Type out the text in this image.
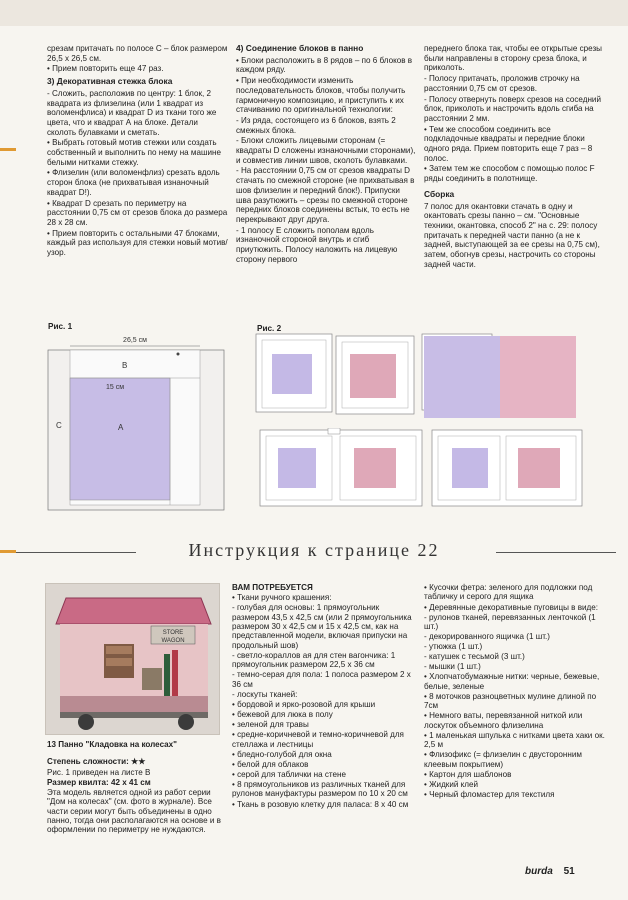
срезам притачать по полосе С – блок размером 26,5 х 26,5 см.

• Прием повторить еще 47 раз.

3) Декоративная стежка блока

- Сложить, расположив по центру: 1 блок, 2 квадрата из флизелина (или 1 квадрат из воломенфлиса) и квадрат D из ткани того же цвета, что и квадрат А на блоке. Детали сколоть булавками и сметать.

• Выбрать готовый мотив стежки или создать собственный и выполнить по нему на машине белыми нитками стежку.

• Флизелин (или воломенфлиз) срезать вдоль сторон блока (не прихватывая изнаночный квадрат D!).

• Квадрат D срезать по периметру на расстоянии 0,75 см от срезов блока до размера 28 х 28 см.

• Прием повторить с остальными 47 блоками, каждый раз используя для стежки новый мотив/узор.

4) Соединение блоков в панно

• Блоки расположить в 8 рядов – по 6 блоков в каждом ряду.

• При необходимости изменить последовательность блоков, чтобы получить гармоничную композицию, и приступить к их стачиванию по оригинальной технологии:

- Из ряда, состоящего из 6 блоков, взять 2 смежных блока.

- Блоки сложить лицевыми сторонам (= квадраты D сложены изнаночными сторонами), и совместив линии швов, сколоть булавками.

- На расстоянии 0,75 см от срезов квадраты D стачать по смежной стороне (не прихватывая в шов флизелин и передний блок!). Припуски шва разутюжить – срезы по смежной стороне передних блоков соединены встык, то есть не перекрывают друг друга.

- 1 полосу Е сложить пополам вдоль изнаночной стороной внутрь и сгиб приутюжить. Полосу наложить на лицевую сторону первого

переднего блока так, чтобы ее открытые срезы были направлены в сторону среза блока, и приколоть.

- Полосу притачать, проложив строчку на расстоянии 0,75 см от срезов.

- Полосу отвернуть поверх срезов на соседний блок, приколоть и настрочить вдоль сгиба на расстоянии 2 мм.

• Тем же способом соединить все подкладочные квадраты и передние блоки одного ряда. Прием повторить еще 7 раз – 8 полос.

• Затем тем же способом с помощью полос F ряды соединить в полотнище.

Сборка

7 полос для окантовки стачать в одну и окантовать срезы панно – см. "Основные техники, окантовка, способ 2" на с. 29: полосу притачать к передней части панно (а не к задней, выступающей за ее срезы на 0,75 см), затем, обогнув срезы, настрочить со стороны задней части.

Рис. 1
26,5 см
B
15 см
A
C
Рис. 2
Инструкция к странице 22
STORE
WAGON

13 Панно "Кладовка на колесах"

Степень сложности: ★★

Рис. 1 приведен на листе В

Размер квилта: 42 х 41 см

Эта модель является одной из работ серии "Дом на колесах" (см. фото в журнале). Все части серии могут быть объединены в одно панно, тогда они располагаются на основе и в оформлении по периметру не нуждаются.

ВАМ ПОТРЕБУЕТСЯ

• Ткани ручного крашения:

- голубая для основы: 1 прямоугольник размером 43,5 х 42,5 см (или 2 прямоугольника размером 30 х 42,5 см и 15 х 42,5 см, как на представленной модели, включая припуски на продольный шов)

- светло-кораллов ая для стен вагончика: 1 прямоугольник размером 22,5 х 36 см

- темно-серая для пола: 1 полоса размером 2 х 36 см

- лоскуты тканей:

• бордовой и ярко-розовой для крыши

• бежевой для люка в полу

• зеленой для травы

• средне-коричневой и темно-коричневой для стеллажа и лестницы

• бледно-голубой для окна

• белой для облаков

• серой для таблички на стене

• 8 прямоугольников из различных тканей для рулонов мануфактуры размером по 10 х 20 см

• Ткань в розовую клетку для паласа: 8 х 40 см

• Кусочки фетра: зеленого для подложки под табличку и серого для ящика

• Деревянные декоративные пуговицы в виде:

- рулонов тканей, перевязанных ленточкой (1 шт.)

- декорированного ящичка (1 шт.)

- утюжка (1 шт.)

- катушек с тесьмой (3 шт.)

- мышки (1 шт.)

• Хлопчатобумажные нитки: черные, бежевые, белые, зеленые

• 8 моточков разноцветных мулине длиной по 7см

• Немного ваты, перевязанной ниткой или лоскуток объемного флизелина

• 1 маленькая шпулька с нитками цвета хаки ок. 2,5 м

• Флизофикс (= флизелин с двусторонним клеевым покрытием)

• Картон для шаблонов

• Жидкий клей

• Черный фломастер для текстиля

burda 51
